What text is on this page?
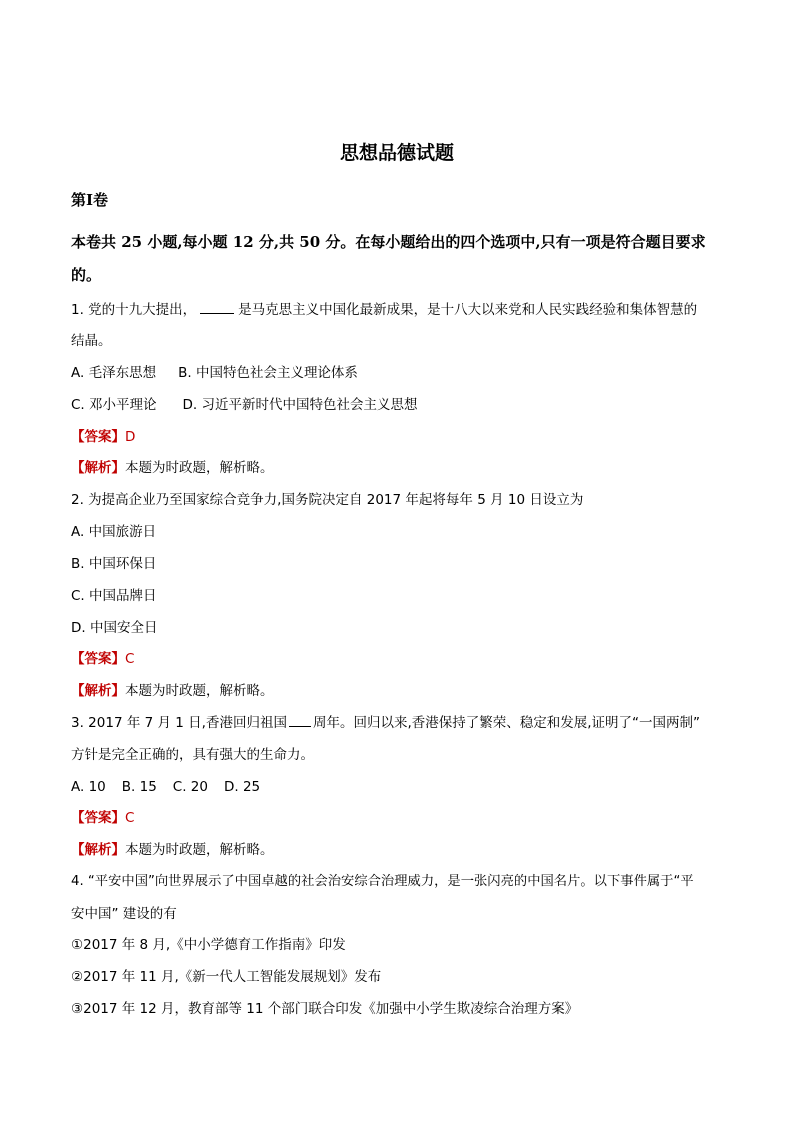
思想品德试题
第I卷
本卷共 25 小题,每小题 12 分,共 50 分。在每小题给出的四个选项中,只有一项是符合题目要求
的。
1. 党的十九大提出，	是马克思主义中国化最新成果，是十八大以来党和人民实践经验和集体智慧的
结晶。
A. 毛泽东思想 B. 中国特色社会主义理论体系
C. 邓小平理论 D. 习近平新时代中国特色社会主义思想
【答案】D
【解析】本题为时政题，解析略。
2. 为提高企业乃至国家综合竞争力,国务院决定自 2017 年起将每年 5 月 10 日设立为
A. 中国旅游日
B. 中国环保日
C. 中国品牌日
D. 中国安全日
【答案】C
【解析】本题为时政题，解析略。
3. 2017 年 7 月 1 日,香港回归祖国 周年。回归以来,香港保持了繁荣、稳定和发展,证明了“一国两制”
方针是完全正确的，具有强大的生命力。
A. 10 B. 15 C. 20 D. 25
【答案】C
【解析】本题为时政题，解析略。
4. “平安中国”向世界展示了中国卓越的社会治安综合治理威力，是一张闪亮的中国名片。以下事件属于“平
安中国” 建设的有
①2017 年 8 月,《中小学德育工作指南》印发
②2017 年 11 月,《新一代人工智能发展规划》发布
③2017 年 12 月，教育部等 11 个部门联合印发《加强中小学生欺凌综合治理方案》
